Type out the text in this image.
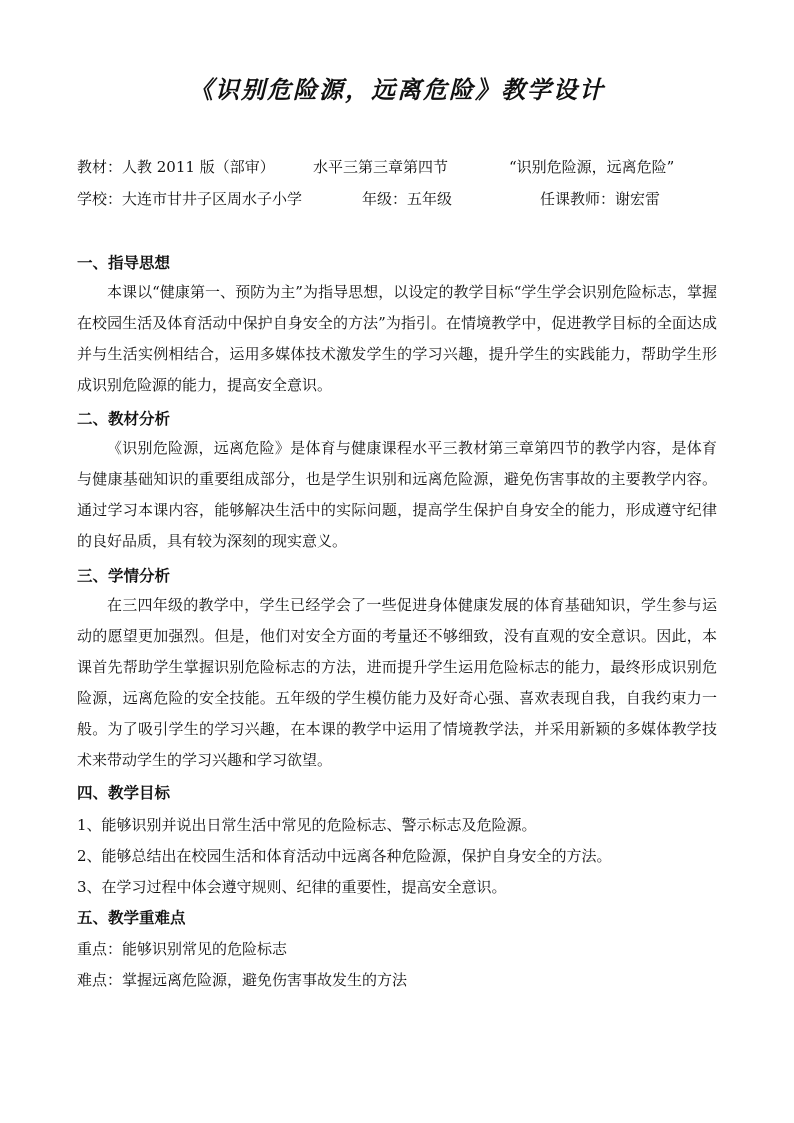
《识别危险源，远离危险》教学设计
教材：人教 2011 版（部审）	水平三第三章第四节	“识别危险源，远离危险”
学校：大连市甘井子区周水子小学	年级：五年级	任课教师：谢宏雷
一、指导思想
本课以“健康第一、预防为主”为指导思想，以设定的教学目标“学生学会识别危险标志，掌握在校园生活及体育活动中保护自身安全的方法”为指引。在情境教学中，促进教学目标的全面达成并与生活实例相结合，运用多媒体技术激发学生的学习兴趣，提升学生的实践能力，帮助学生形成识别危险源的能力，提高安全意识。
二、教材分析
《识别危险源，远离危险》是体育与健康课程水平三教材第三章第四节的教学内容，是体育与健康基础知识的重要组成部分，也是学生识别和远离危险源，避免伤害事故的主要教学内容。通过学习本课内容，能够解决生活中的实际问题，提高学生保护自身安全的能力，形成遵守纪律的良好品质，具有较为深刻的现实意义。
三、学情分析
在三四年级的教学中，学生已经学会了一些促进身体健康发展的体育基础知识，学生参与运动的愿望更加强烈。但是，他们对安全方面的考量还不够细致，没有直观的安全意识。因此，本课首先帮助学生掌握识别危险标志的方法，进而提升学生运用危险标志的能力，最终形成识别危险源，远离危险的安全技能。五年级的学生模仿能力及好奇心强、喜欢表现自我，自我约束力一般。为了吸引学生的学习兴趣，在本课的教学中运用了情境教学法，并采用新颖的多媒体教学技术来带动学生的学习兴趣和学习欲望。
四、教学目标
1、能够识别并说出日常生活中常见的危险标志、警示标志及危险源。
2、能够总结出在校园生活和体育活动中远离各种危险源，保护自身安全的方法。
3、在学习过程中体会遵守规则、纪律的重要性，提高安全意识。
五、教学重难点
重点：能够识别常见的危险标志
难点：掌握远离危险源，避免伤害事故发生的方法
